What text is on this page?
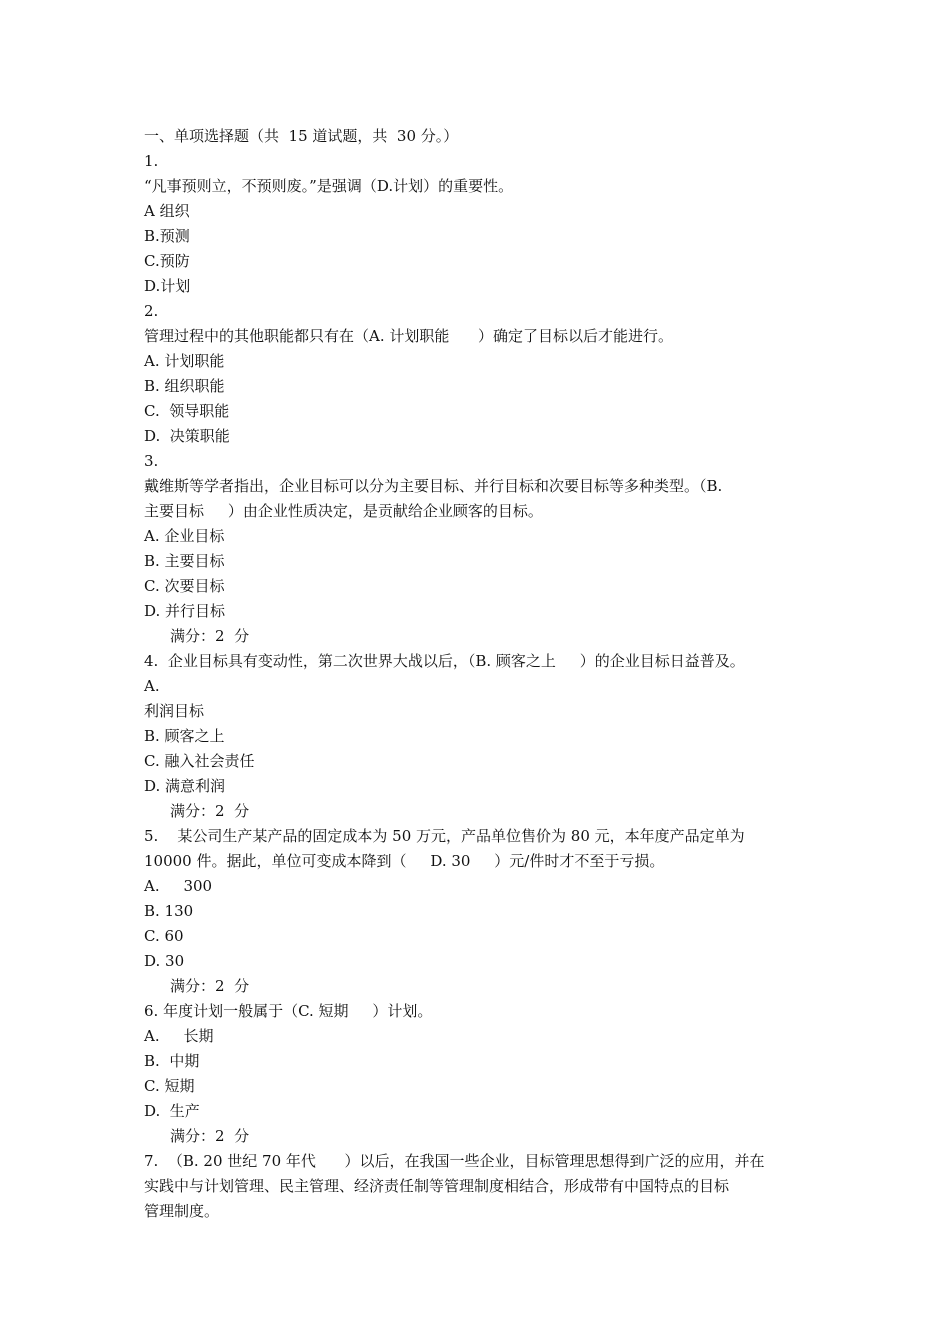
一、单项选择题（共  15 道试题，共  30 分。）

1.

“凡事预则立，不预则废。”是强调（D.计划）的重要性。

A 组织

B.预测

C.预防

D.计划

2.

管理过程中的其他职能都只有在（A. 计划职能      ）确定了目标以后才能进行。

A. 计划职能

B. 组织职能

C.  领导职能

D.  决策职能

3.

戴维斯等学者指出，企业目标可以分为主要目标、并行目标和次要目标等多种类型。（B.

主要目标     ）由企业性质决定，是贡献给企业顾客的目标。

A. 企业目标

B. 主要目标

C. 次要目标

D. 并行目标

满分：2  分

4.  企业目标具有变动性，第二次世界大战以后，（B. 顾客之上     ）的企业目标日益普及。

A.

利润目标

B. 顾客之上

C. 融入社会责任

D. 满意利润

满分：2  分

5.    某公司生产某产品的固定成本为 50 万元，产品单位售价为 80 元，本年度产品定单为

10000 件。据此，单位可变成本降到（     D. 30     ）元/件时才不至于亏损。

A.     300

B. 130

C. 60

D. 30

满分：2  分

6. 年度计划一般属于（C. 短期     ）计划。

A.     长期

B.  中期

C. 短期

D.  生产

满分：2  分

7.  （B. 20 世纪 70 年代      ）以后，在我国一些企业，目标管理思想得到广泛的应用，并在

实践中与计划管理、民主管理、经济责任制等管理制度相结合，形成带有中国特点的目标

管理制度。
